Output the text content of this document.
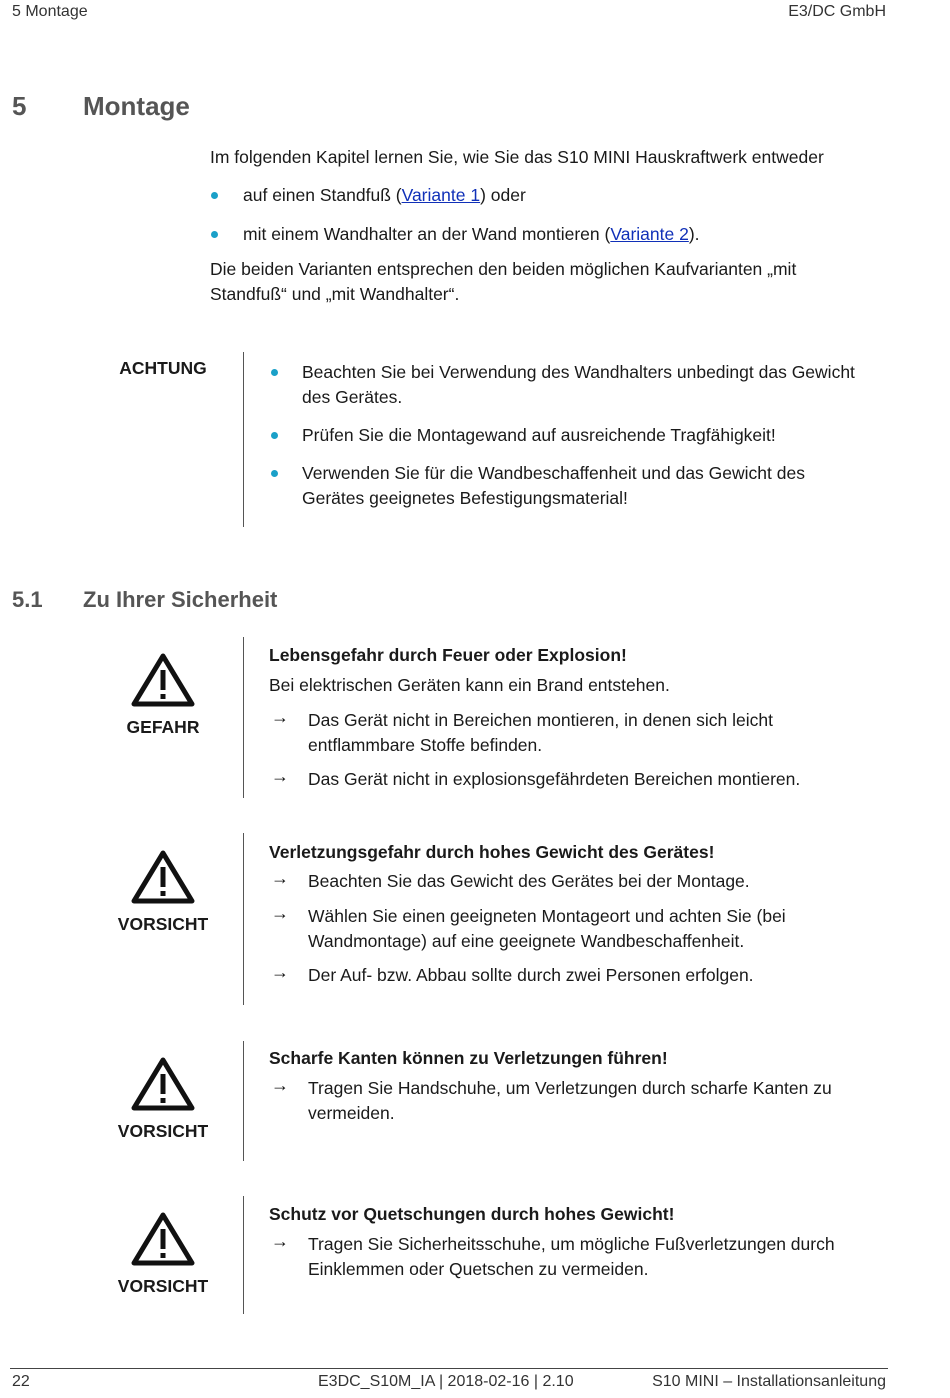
5 Montage	E3/DC GmbH
5 Montage
Im folgenden Kapitel lernen Sie, wie Sie das S10 MINI Hauskraftwerk entweder
auf einen Standfuß (Variante 1) oder
mit einem Wandhalter an der Wand montieren (Variante 2).
Die beiden Varianten entsprechen den beiden möglichen Kaufvarianten „mit
Standfuß“ und „mit Wandhalter“.
ACHTUNG	Beachten Sie bei Verwendung des Wandhalters unbedingt das Gewicht
des Gerätes.
Prüfen Sie die Montagewand auf ausreichende Tragfähigkeit!
Verwenden Sie für die Wandbeschaffenheit und das Gewicht des
Gerätes geeignetes Befestigungsmaterial!
5.1 Zu Ihrer Sicherheit
GEFAHR
Lebensgefahr durch Feuer oder Explosion!
Bei elektrischen Geräten kann ein Brand entstehen.
→ Das Gerät nicht in Bereichen montieren, in denen sich leicht
entflammbare Stoffe befinden.
→ Das Gerät nicht in explosionsgefährdeten Bereichen montieren.
VORSICHT
Verletzungsgefahr durch hohes Gewicht des Gerätes!
→ Beachten Sie das Gewicht des Gerätes bei der Montage.
→ Wählen Sie einen geeigneten Montageort und achten Sie (bei
Wandmontage) auf eine geeignete Wandbeschaffenheit.
→ Der Auf- bzw. Abbau sollte durch zwei Personen erfolgen.
VORSICHT
Scharfe Kanten können zu Verletzungen führen!
→ Tragen Sie Handschuhe, um Verletzungen durch scharfe Kanten zu
vermeiden.
VORSICHT
Schutz vor Quetschungen durch hohes Gewicht!
→ Tragen Sie Sicherheitsschuhe, um mögliche Fußverletzungen durch
Einklemmen oder Quetschen zu vermeiden.
22	E3DC_S10M_IA | 2018-02-16 | 2.10	S10 MINI – Installationsanleitung
